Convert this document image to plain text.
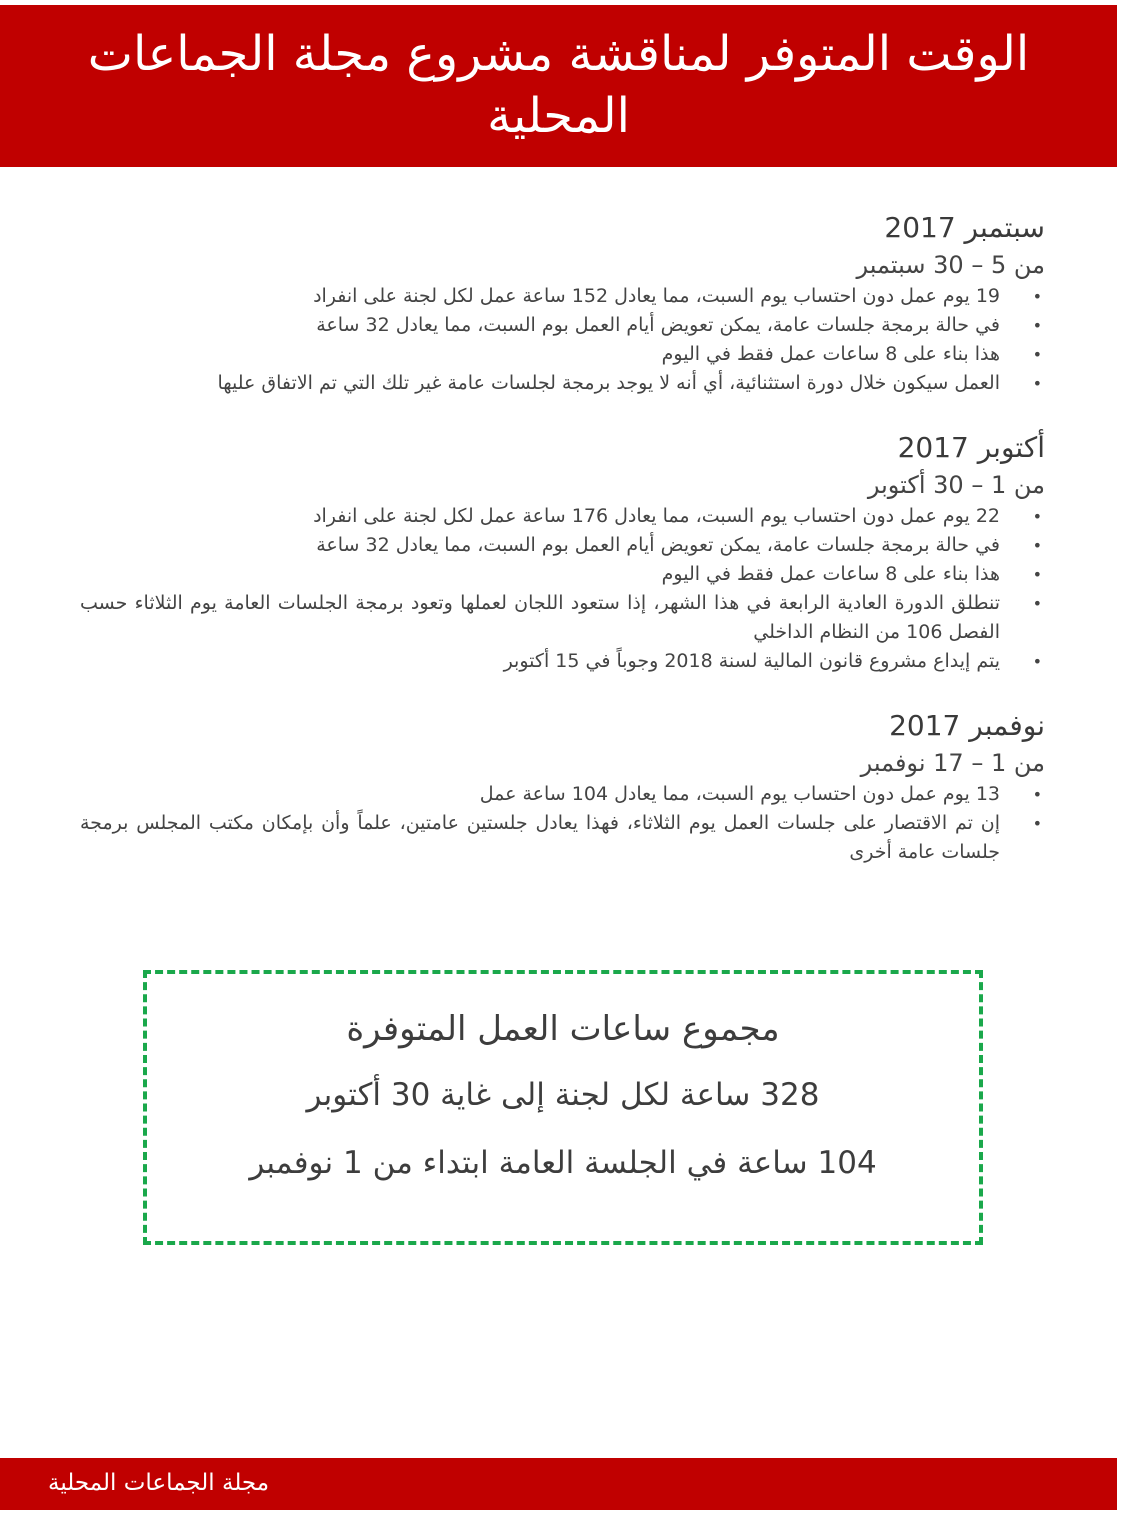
الوقت المتوفر لمناقشة مشروع مجلة الجماعات المحلية
سبتمبر 2017

من 5 – 30 سبتمبر

• 19 يوم عمل دون احتساب يوم السبت، مما يعادل 152 ساعة عمل لكل لجنة على انفراد
• في حالة برمجة جلسات عامة، يمكن تعويض أيام العمل بوم السبت، مما يعادل 32 ساعة
• هذا بناء على 8 ساعات عمل فقط في اليوم
• العمل سيكون خلال دورة استثنائية، أي أنه لا يوجد برمجة لجلسات عامة غير تلك التي تم الاتفاق عليها
أكتوبر 2017

من 1 – 30 أكتوبر

• 22 يوم عمل دون احتساب يوم السبت، مما يعادل 176 ساعة عمل لكل لجنة على انفراد
• في حالة برمجة جلسات عامة، يمكن تعويض أيام العمل بوم السبت، مما يعادل 32 ساعة
• هذا بناء على 8 ساعات عمل فقط في اليوم
• تنطلق الدورة العادية الرابعة في هذا الشهر، إذا ستعود اللجان لعملها وتعود برمجة الجلسات العامة يوم الثلاثاء حسب الفصل 106 من النظام الداخلي
• يتم إيداع مشروع قانون المالية لسنة 2018 وجوباً في 15 أكتوبر
نوفمبر 2017

من 1 – 17 نوفمبر

• 13 يوم عمل دون احتساب يوم السبت، مما يعادل 104 ساعة عمل
• إن تم الاقتصار على جلسات العمل يوم الثلاثاء، فهذا يعادل جلستين عامتين، علماً وأن بإمكان مكتب المجلس برمجة جلسات عامة أخرى
مجموع ساعات العمل المتوفرة

328 ساعة لكل لجنة إلى غاية 30 أكتوبر

104 ساعة في الجلسة العامة ابتداء من 1 نوفمبر

مجلة الجماعات المحلية
